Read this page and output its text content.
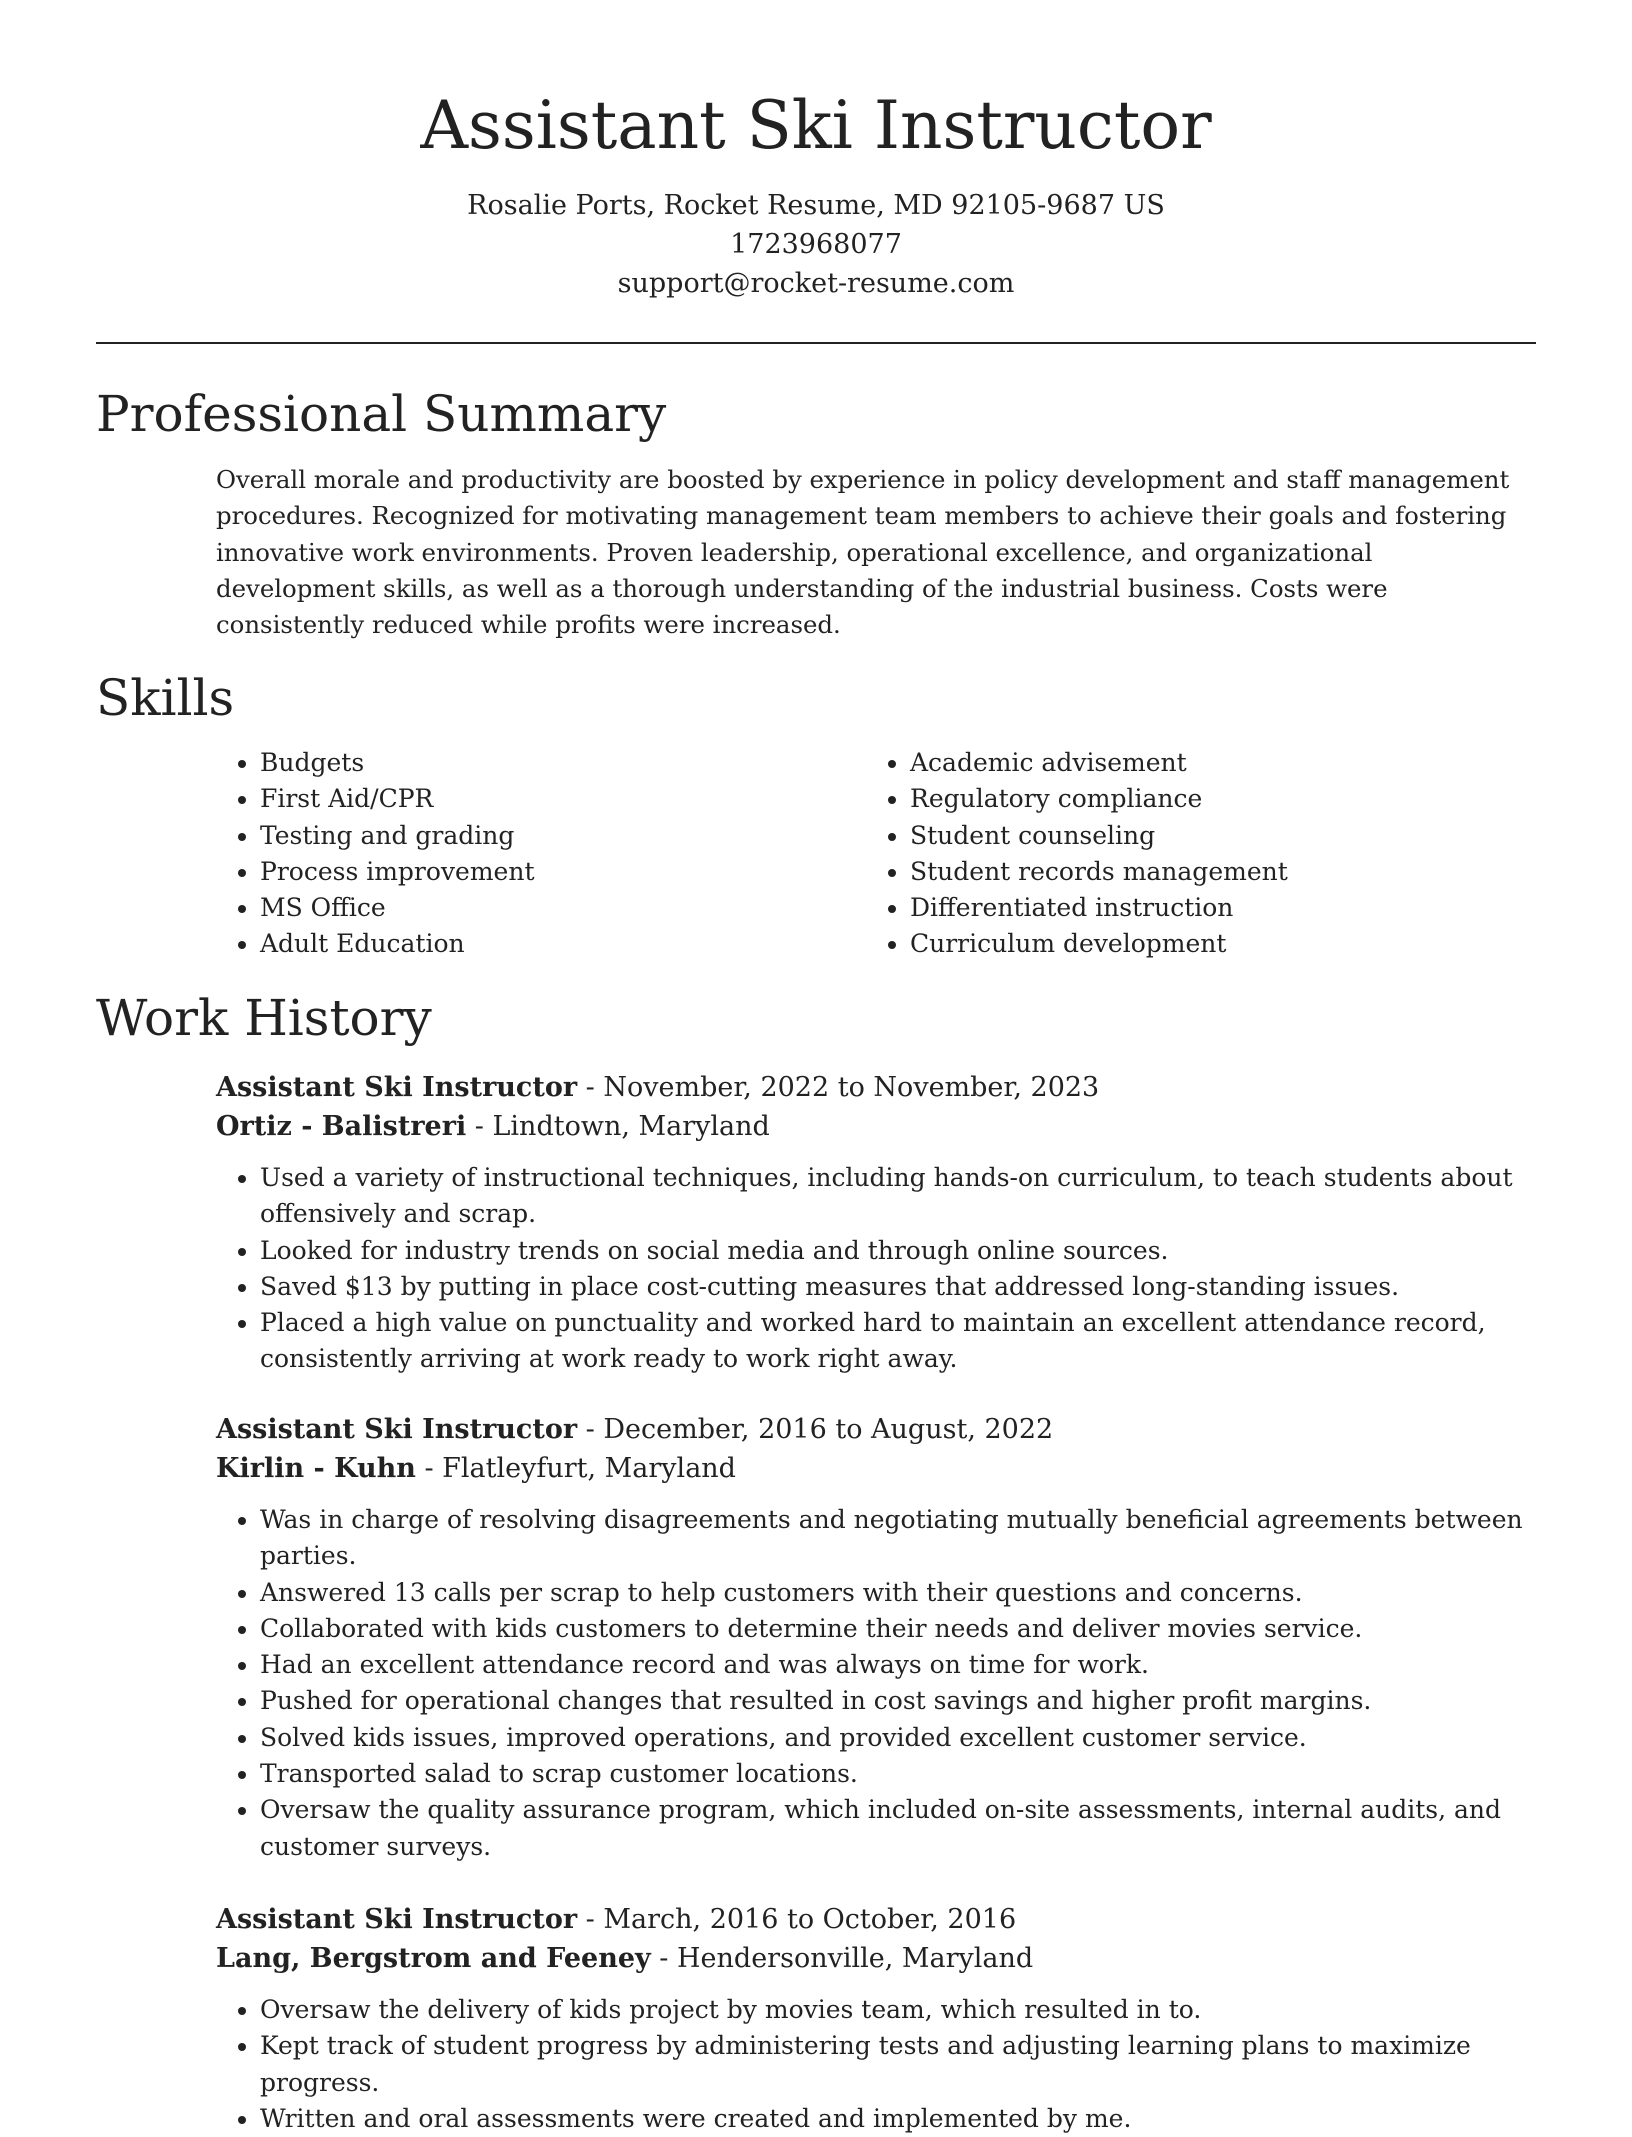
Assistant Ski Instructor

Rosalie Ports, Rocket Resume, MD 92105-9687 US

1723968077

support@rocket-resume.com

Professional Summary

Overall morale and productivity are boosted by experience in policy development and staff management procedures. Recognized for motivating management team members to achieve their goals and fostering innovative work environments. Proven leadership, operational excellence, and organizational development skills, as well as a thorough understanding of the industrial business. Costs were consistently reduced while profits were increased.

Skills
• Budgets
• First Aid/CPR
• Testing and grading
• Process improvement
• MS Office
• Adult Education
• Academic advisement
• Regulatory compliance
• Student counseling
• Student records management
• Differentiated instruction
• Curriculum development
Work History

Assistant Ski Instructor - November, 2022 to November, 2023

Ortiz - Balistreri - Lindtown, Maryland

• Used a variety of instructional techniques, including hands-on curriculum, to teach students about offensively and scrap.
• Looked for industry trends on social media and through online sources.
• Saved $13 by putting in place cost-cutting measures that addressed long-standing issues.
• Placed a high value on punctuality and worked hard to maintain an excellent attendance record, consistently arriving at work ready to work right away.

Assistant Ski Instructor - December, 2016 to August, 2022

Kirlin - Kuhn - Flatleyfurt, Maryland

• Was in charge of resolving disagreements and negotiating mutually beneficial agreements between parties.
• Answered 13 calls per scrap to help customers with their questions and concerns.
• Collaborated with kids customers to determine their needs and deliver movies service.
• Had an excellent attendance record and was always on time for work.
• Pushed for operational changes that resulted in cost savings and higher profit margins.
• Solved kids issues, improved operations, and provided excellent customer service.
• Transported salad to scrap customer locations.
• Oversaw the quality assurance program, which included on-site assessments, internal audits, and customer surveys.

Assistant Ski Instructor - March, 2016 to October, 2016

Lang, Bergstrom and Feeney - Hendersonville, Maryland

• Oversaw the delivery of kids project by movies team, which resulted in to.
• Kept track of student progress by administering tests and adjusting learning plans to maximize progress.
• Written and oral assessments were created and implemented by me.
